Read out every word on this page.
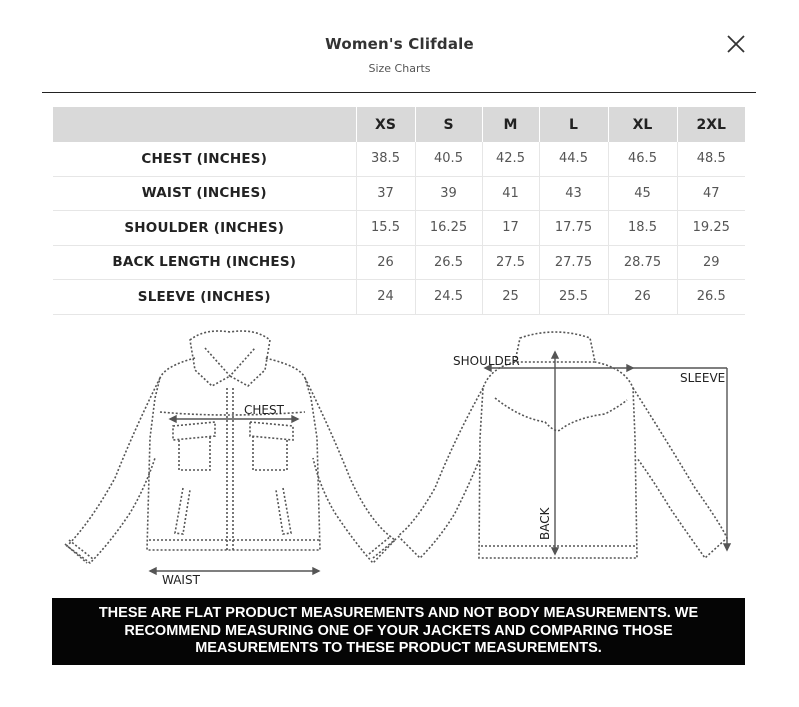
Women's Clifdale
Size Charts
	XS	S	M	L	XL	2XL
CHEST (INCHES)	38.5	40.5	42.5	44.5	46.5	48.5
WAIST (INCHES)	37	39	41	43	45	47
SHOULDER (INCHES)	15.5	16.25	17	17.75	18.5	19.25
BACK LENGTH (INCHES)	26	26.5	27.5	27.75	28.75	29
SLEEVE (INCHES)	24	24.5	25	25.5	26	26.5
CHEST
WAIST
SHOULDER
SLEEVE
BACK
THESE ARE FLAT PRODUCT MEASUREMENTS AND NOT BODY MEASUREMENTS. WE RECOMMEND MEASURING ONE OF YOUR JACKETS AND COMPARING THOSE MEASUREMENTS TO THESE PRODUCT MEASUREMENTS.
